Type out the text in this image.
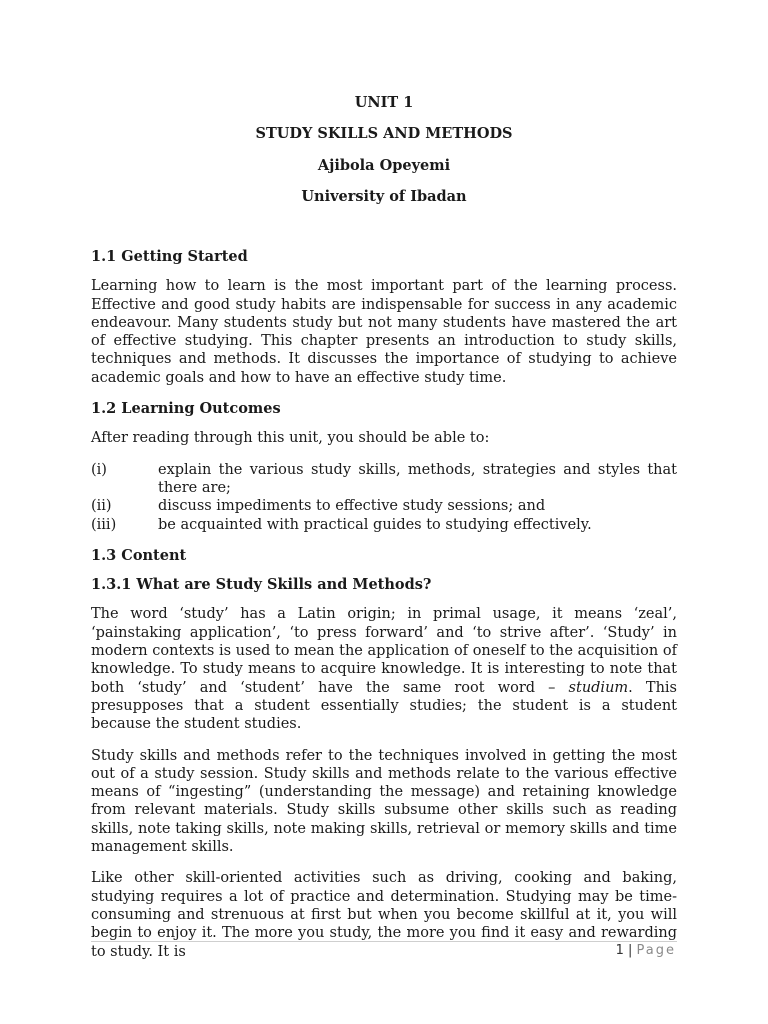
UNIT 1
STUDY SKILLS AND METHODS
Ajibola Opeyemi
University of Ibadan
1.1 Getting Started

Learning how to learn is the most important part of the learning process. Effective and good study habits are indispensable for success in any academic endeavour. Many students study but not many students have mastered the art of effective studying. This chapter presents an introduction to study skills, techniques and methods. It discusses the importance of studying to achieve academic goals and how to have an effective study time.

1.2 Learning Outcomes

After reading through this unit, you should be able to:

(i)	explain the various study skills, methods, strategies and styles that there are;
(ii)	discuss impediments to effective study sessions; and
(iii)	be acquainted with practical guides to studying effectively.
1.3 Content
1.3.1 What are Study Skills and Methods?

The word ‘study’ has a Latin origin; in primal usage, it means ‘zeal’, ‘painstaking application’, ‘to press forward’ and ‘to strive after’. ‘Study’ in modern contexts is used to mean the application of oneself to the acquisition of knowledge. To study means to acquire knowledge. It is interesting to note that both ‘study’ and ‘student’ have the same root word – studium. This presupposes that a student essentially studies; the student is a student because the student studies.

Study skills and methods refer to the techniques involved in getting the most out of a study session. Study skills and methods relate to the various effective means of “ingesting” (understanding the message) and retaining knowledge from relevant materials. Study skills subsume other skills such as reading skills, note taking skills, note making skills, retrieval or memory skills and time management skills.

Like other skill-oriented activities such as driving, cooking and baking, studying requires a lot of practice and determination. Studying may be time-consuming and strenuous at first but when you become skillful at it, you will begin to enjoy it. The more you study, the more you find it easy and rewarding to study. It is	1 | Page
